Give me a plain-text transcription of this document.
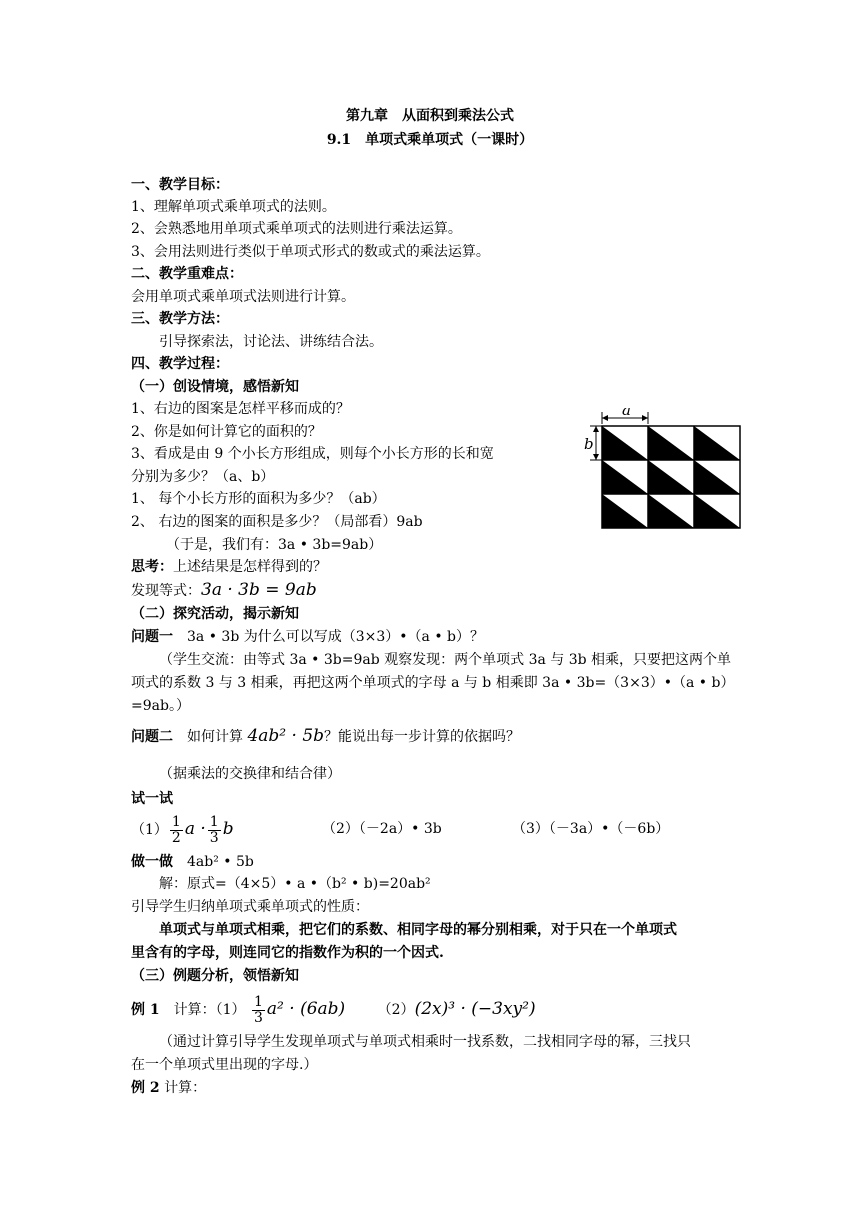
第九章　从面积到乘法公式
9.1　单项式乘单项式（一课时）
一、教学目标：
1、理解单项式乘单项式的法则。
2、会熟悉地用单项式乘单项式的法则进行乘法运算。
3、会用法则进行类似于单项式形式的数或式的乘法运算。
二、教学重难点：
会用单项式乘单项式法则进行计算。
三、教学方法：
引导探索法，讨论法、讲练结合法。
四、教学过程：
（一）创设情境，感悟新知
1、右边的图案是怎样平移而成的？
2、你是如何计算它的面积的？
3、看成是由 9 个小长方形组成，则每个小长方形的长和宽
分别为多少？（a、b）
1、 每个小长方形的面积为多少？（ab）
2、 右边的图案的面积是多少？（局部看）9ab
（于是，我们有：3a • 3b=9ab）
思考：上述结果是怎样得到的？
发现等式：3a · 3b = 9ab
（二）探究活动，揭示新知
问题一　3a • 3b 为什么可以写成（3×3）•（a • b）？
（学生交流：由等式 3a • 3b=9ab 观察发现：两个单项式 3a 与 3b 相乘，只要把这两个单
项式的系数 3 与 3 相乘，再把这两个单项式的字母 a 与 b 相乘即 3a • 3b=（3×3）•（a • b）
=9ab。）
问题二　如何计算 4ab² · 5b？能说出每一步计算的依据吗？
（据乘法的交换律和结合律）
试一试
$(1) \frac{1}{2}$ $a \cdot \frac{1}{3}$ b	（2）（－2a）• 3b	（3）（－3a）•（－6b）
做一做　4ab² • 5b
解：原式=（4×5）• a •（b² • b)=20ab²
引导学生归纳单项式乘单项式的性质：
单项式与单项式相乘，把它们的系数、相同字母的幂分别相乘，对于只在一个单项式
里含有的字母，则连同它的指数作为积的一个因式.
（三）例题分析，领悟新知
例 1　计算：$(1) \frac{1}{3} a^2 \cdot (6ab) (2)(2x)^3 \cdot (-3xy^2)$
（通过计算引导学生发现单项式与单项式相乘时一找系数，二找相同字母的幂，三找只
在一个单项式里出现的字母.）
例 2 计算：
a
b
